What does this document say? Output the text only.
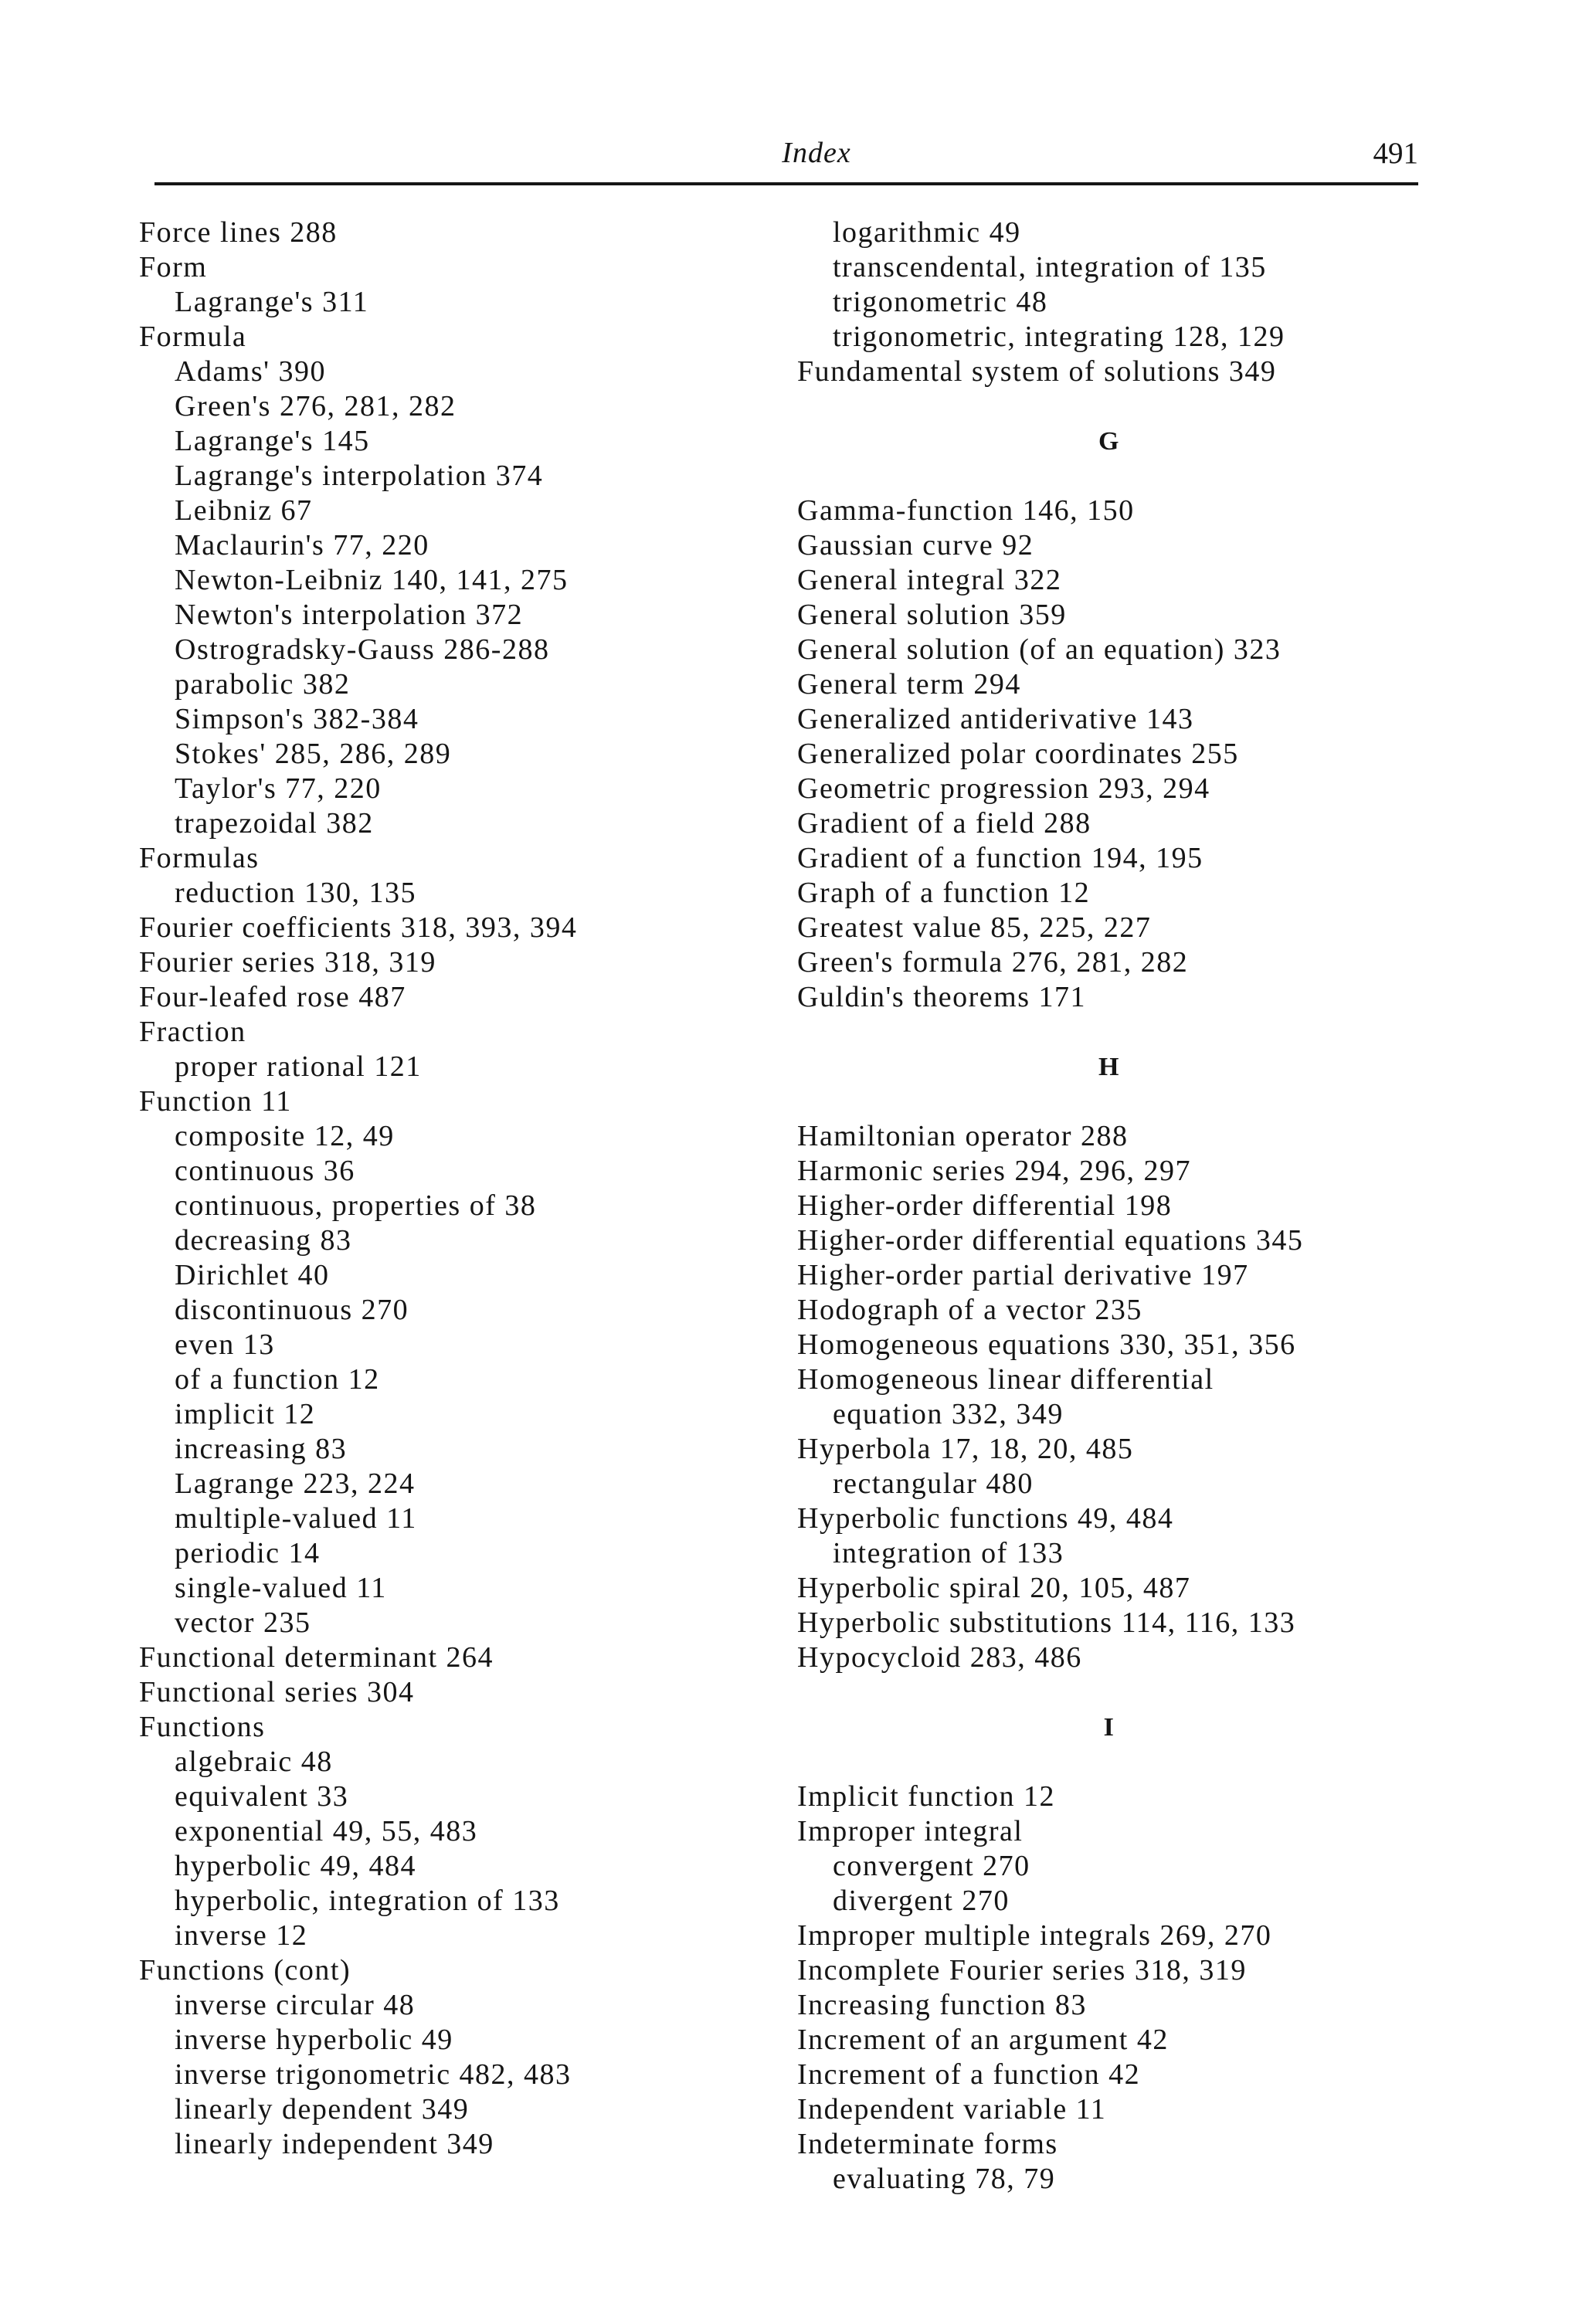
Index	491
Force lines 288
Form
Lagrange's 311
Formula
Adams' 390
Green's 276, 281, 282
Lagrange's 145
Lagrange's interpolation 374
Leibniz 67
Maclaurin's 77, 220
Newton-Leibniz 140, 141, 275
Newton's interpolation 372
Ostrogradsky-Gauss 286-288
parabolic 382
Simpson's 382-384
Stokes' 285, 286, 289
Taylor's 77, 220
trapezoidal 382
Formulas
reduction 130, 135
Fourier coefficients 318, 393, 394
Fourier series 318, 319
Four-leafed rose 487
Fraction
proper rational 121
Function 11
composite 12, 49
continuous 36
continuous, properties of 38
decreasing 83
Dirichlet 40
discontinuous 270
even 13
of a function 12
implicit 12
increasing 83
Lagrange 223, 224
multiple-valued 11
periodic 14
single-valued 11
vector 235
Functional determinant 264
Functional series 304
Functions
algebraic 48
equivalent 33
exponential 49, 55, 483
hyperbolic 49, 484
hyperbolic, integration of 133
inverse 12
Functions (cont)
inverse circular 48
inverse hyperbolic 49
inverse trigonometric 482, 483
linearly dependent 349
linearly independent 349
logarithmic 49
transcendental, integration of 135
trigonometric 48
trigonometric, integrating 128, 129
Fundamental system of solutions 349
G
Gamma-function 146, 150
Gaussian curve 92
General integral 322
General solution 359
General solution (of an equation) 323
General term 294
Generalized antiderivative 143
Generalized polar coordinates 255
Geometric progression 293, 294
Gradient of a field 288
Gradient of a function 194, 195
Graph of a function 12
Greatest value 85, 225, 227
Green's formula 276, 281, 282
Guldin's theorems 171
H
Hamiltonian operator 288
Harmonic series 294, 296, 297
Higher-order differential 198
Higher-order differential equations 345
Higher-order partial derivative 197
Hodograph of a vector 235
Homogeneous equations 330, 351, 356
Homogeneous linear differential
equation 332, 349
Hyperbola 17, 18, 20, 485
rectangular 480
Hyperbolic functions 49, 484
integration of 133
Hyperbolic spiral 20, 105, 487
Hyperbolic substitutions 114, 116, 133
Hypocycloid 283, 486
I
Implicit function 12
Improper integral
convergent 270
divergent 270
Improper multiple integrals 269, 270
Incomplete Fourier series 318, 319
Increasing function 83
Increment of an argument 42
Increment of a function 42
Independent variable 11
Indeterminate forms
evaluating 78, 79
